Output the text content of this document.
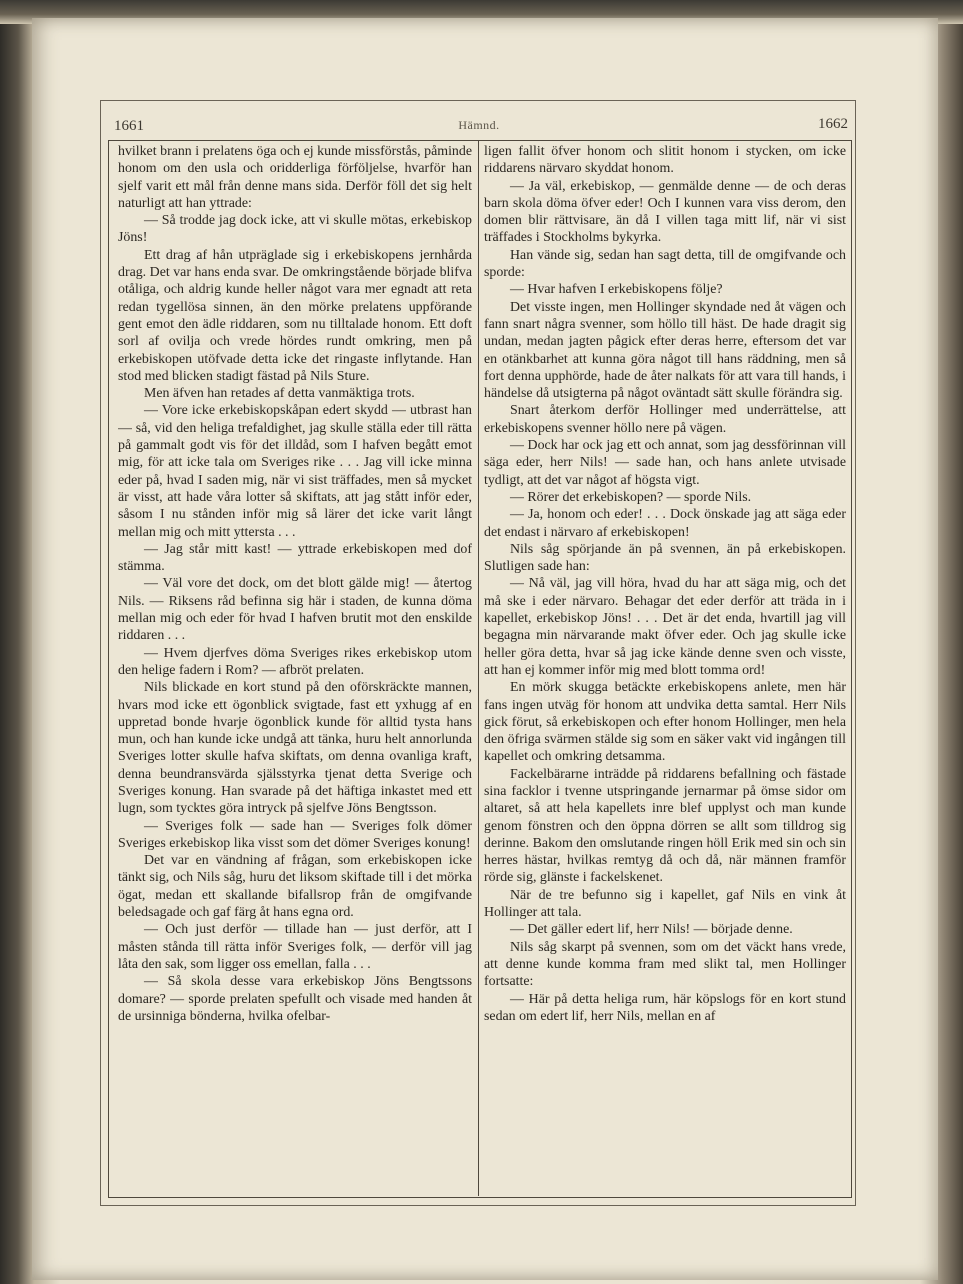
1661	Hämnd.	1662

hvilket brann i prelatens öga och ej kunde missförstås, påminde honom om den usla och oridderliga förföljelse, hvarför han sjelf varit ett mål från denne mans sida. Derför föll det sig helt naturligt att han yttrade:

— Så trodde jag dock icke, att vi skulle mötas, erkebiskop Jöns!

Ett drag af hån utpräglade sig i erkebiskopens jernhårda drag. Det var hans enda svar. De omkringstående började blifva otåliga, och aldrig kunde heller något vara mer egnadt att reta redan tygellösa sinnen, än den mörke prelatens uppförande gent emot den ädle riddaren, som nu tilltalade honom. Ett doft sorl af ovilja och vrede hördes rundt omkring, men på erkebiskopen utöfvade detta icke det ringaste inflytande. Han stod med blicken stadigt fästad på Nils Sture.

Men äfven han retades af detta vanmäktiga trots.

— Vore icke erkebiskopskåpan edert skydd — utbrast han — så, vid den heliga trefaldighet, jag skulle ställa eder till rätta på gammalt godt vis för det illdåd, som I hafven begått emot mig, för att icke tala om Sveriges rike . . . Jag vill icke minna eder på, hvad I saden mig, när vi sist träffades, men så mycket är visst, att hade våra lotter så skiftats, att jag stått inför eder, såsom I nu stånden inför mig så lärer det icke varit långt mellan mig och mitt yttersta . . .

— Jag står mitt kast! — yttrade erkebiskopen med dof stämma.

— Väl vore det dock, om det blott gälde mig! — återtog Nils. — Riksens råd befinna sig här i staden, de kunna döma mellan mig och eder för hvad I hafven brutit mot den enskilde riddaren . . .

— Hvem djerfves döma Sveriges rikes erkebiskop utom den helige fadern i Rom? — afbröt prelaten.

Nils blickade en kort stund på den oförskräckte mannen, hvars mod icke ett ögonblick svigtade, fast ett yxhugg af en uppretad bonde hvarje ögonblick kunde för alltid tysta hans mun, och han kunde icke undgå att tänka, huru helt annorlunda Sveriges lotter skulle hafva skiftats, om denna ovanliga kraft, denna beundransvärda själsstyrka tjenat detta Sverige och Sveriges konung. Han svarade på det häftiga inkastet med ett lugn, som tycktes göra intryck på sjelfve Jöns Bengtsson.

— Sveriges folk — sade han — Sveriges folk dömer Sveriges erkebiskop lika visst som det dömer Sveriges konung!

Det var en vändning af frågan, som erkebiskopen icke tänkt sig, och Nils såg, huru det liksom skiftade till i det mörka ögat, medan ett skallande bifallsrop från de omgifvande beledsagade och gaf färg åt hans egna ord.

— Och just derför — tillade han — just derför, att I måsten stånda till rätta inför Sveriges folk, — derför vill jag låta den sak, som ligger oss emellan, falla . . .

— Så skola desse vara erkebiskop Jöns Bengtssons domare? — sporde prelaten spefullt och visade med handen åt de ursinniga bönderna, hvilka ofelbar-

ligen fallit öfver honom och slitit honom i stycken, om icke riddarens närvaro skyddat honom.

— Ja väl, erkebiskop, — genmälde denne — de och deras barn skola döma öfver eder! Och I kunnen vara viss derom, den domen blir rättvisare, än då I villen taga mitt lif, när vi sist träffades i Stockholms bykyrka.

Han vände sig, sedan han sagt detta, till de omgifvande och sporde:

— Hvar hafven I erkebiskopens följe?

Det visste ingen, men Hollinger skyndade ned åt vägen och fann snart några svenner, som höllo till häst. De hade dragit sig undan, medan jagten pågick efter deras herre, eftersom det var en otänkbarhet att kunna göra något till hans räddning, men så fort denna upphörde, hade de åter nalkats för att vara till hands, i händelse då utsigterna på något oväntadt sätt skulle förändra sig.

Snart återkom derför Hollinger med underrättelse, att erkebiskopens svenner höllo nere på vägen.

— Dock har ock jag ett och annat, som jag dessförinnan vill säga eder, herr Nils! — sade han, och hans anlete utvisade tydligt, att det var något af högsta vigt.

— Rörer det erkebiskopen? — sporde Nils.

— Ja, honom och eder! . . . Dock önskade jag att säga eder det endast i närvaro af erkebiskopen!

Nils såg spörjande än på svennen, än på erkebiskopen. Slutligen sade han:

— Nå väl, jag vill höra, hvad du har att säga mig, och det må ske i eder närvaro. Behagar det eder derför att träda in i kapellet, erkebiskop Jöns! . . . Det är det enda, hvartill jag vill begagna min närvarande makt öfver eder. Och jag skulle icke heller göra detta, hvar så jag icke kände denne sven och visste, att han ej kommer inför mig med blott tomma ord!

En mörk skugga betäckte erkebiskopens anlete, men här fans ingen utväg för honom att undvika detta samtal. Herr Nils gick förut, så erkebiskopen och efter honom Hollinger, men hela den öfriga svärmen stälde sig som en säker vakt vid ingången till kapellet och omkring detsamma.

Fackelbärarne inträdde på riddarens befallning och fästade sina facklor i tvenne utspringande jernarmar på ömse sidor om altaret, så att hela kapellets inre blef upplyst och man kunde genom fönstren och den öppna dörren se allt som tilldrog sig derinne. Bakom den omslutande ringen höll Erik med sin och sin herres hästar, hvilkas remtyg då och då, när männen framför rörde sig, glänste i fackelskenet.

När de tre befunno sig i kapellet, gaf Nils en vink åt Hollinger att tala.

— Det gäller edert lif, herr Nils! — började denne.

Nils såg skarpt på svennen, som om det väckt hans vrede, att denne kunde komma fram med slikt tal, men Hollinger fortsatte:

— Här på detta heliga rum, här köpslogs för en kort stund sedan om edert lif, herr Nils, mellan en af
